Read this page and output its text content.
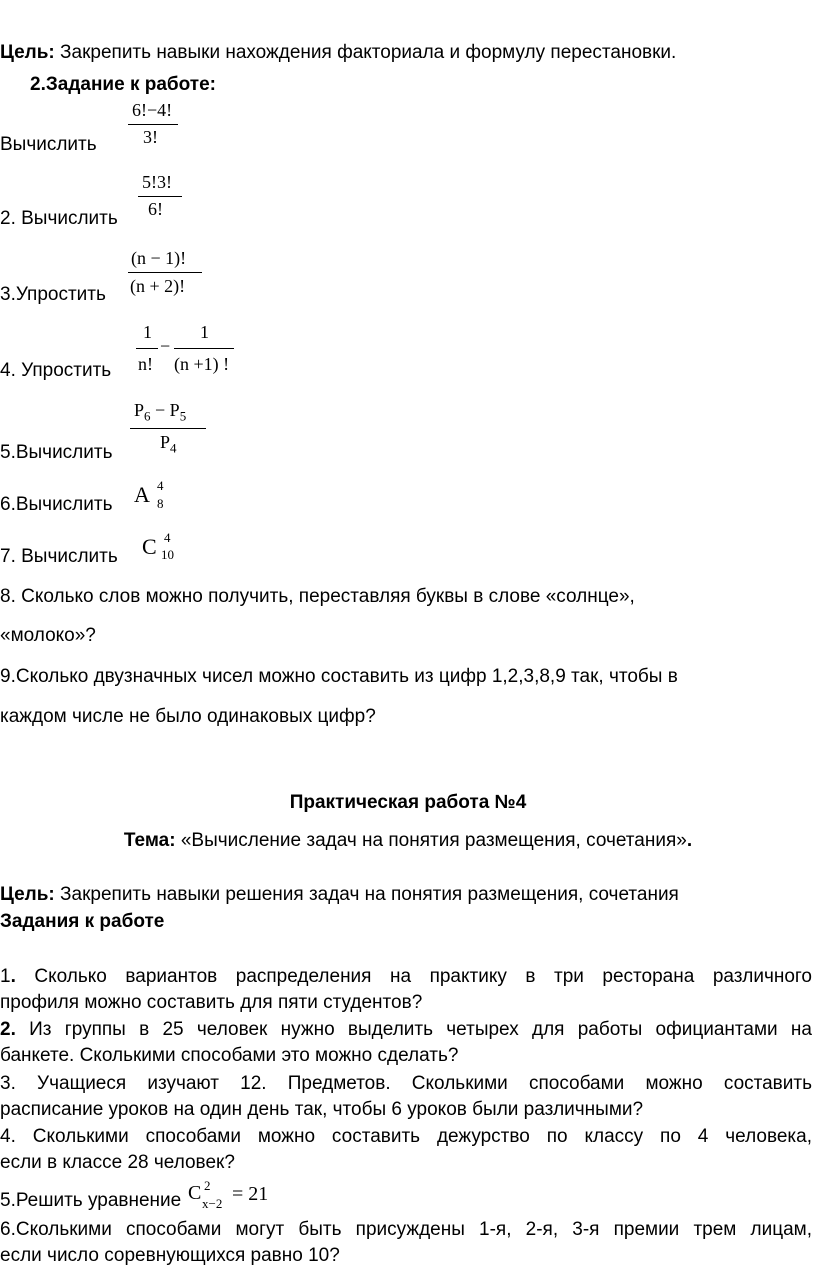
Цель: Закрепить навыки нахождения факториала и формулу перестановки.
2.Задание к работе:
Вычислить
6!−4!
3!
2. Вычислить
5!3!
6!
3.Упростить
(n − 1)!
(n + 2)!
4. Упростить
1
n!
−
1
(n +1) !
5.Вычислить
$P_6 - P_5$
$P_4$
6.Вычислить A 4
8
7. Вычислить C 4
10
8. Сколько слов можно получить, переставляя буквы в слове «солнце»,
«молоко»?
9.Сколько двузначных чисел можно составить из цифр 1,2,3,8,9 так, чтобы в
каждом числе не было одинаковых цифр?
Практическая работа №4
Тема: «Вычисление задач на понятия размещения, сочетания».
Цель: Закрепить навыки решения задач на понятия размещения, сочетания
Задания к работе
1. Сколько вариантов распределения на практику в три ресторана различного
профиля можно составить для пяти студентов?
2. Из группы в 25 человек нужно выделить четырех для работы официантами на
банкете. Сколькими способами это можно сделать?
3. Учащиеся изучают 12. Предметов. Сколькими способами можно составить
расписание уроков на один день так, чтобы 6 уроков были различными?
4. Сколькими способами можно составить дежурство по классу по 4 человека,
если в классе 28 человек?
5.Решить уравнение C 2
x−2 = 21
6.Сколькими способами могут быть присуждены 1-я, 2-я, 3-я премии трем лицам,
если число соревнующихся равно 10?
